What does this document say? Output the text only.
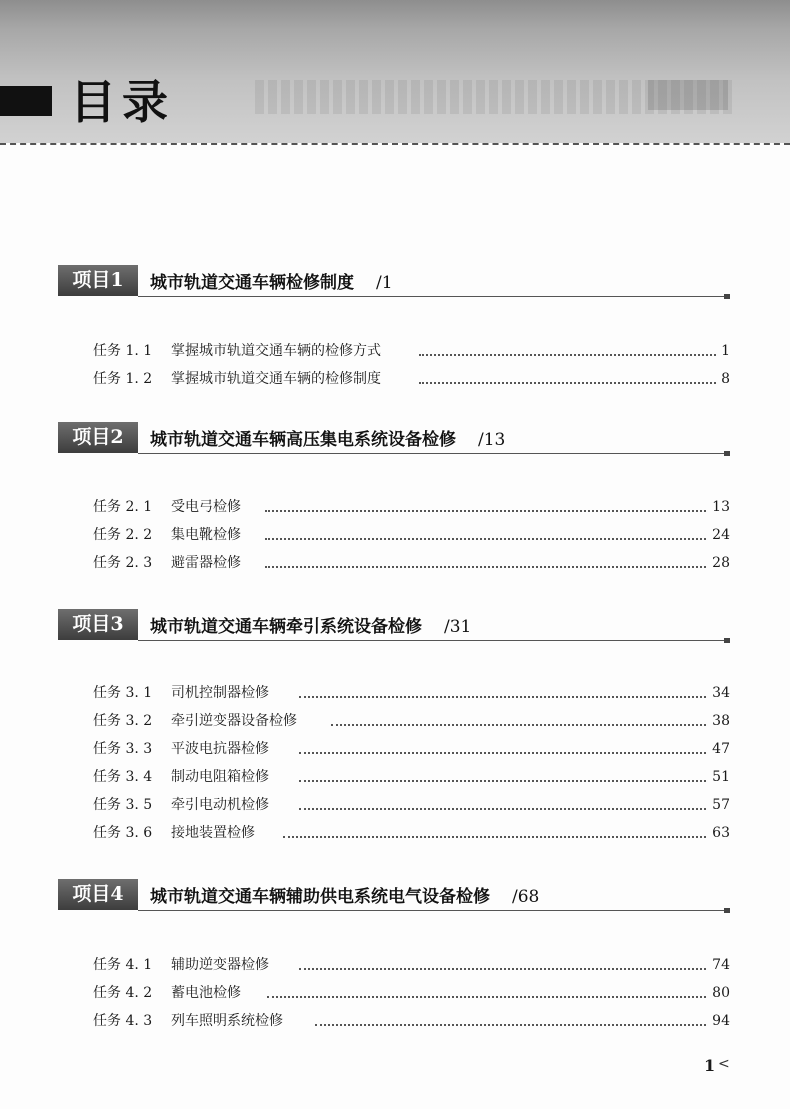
目录
项目1	城市轨道交通车辆检修制度 /1
任务 1. 1 掌握城市轨道交通车辆的检修方式	1
任务 1. 2 掌握城市轨道交通车辆的检修制度	8
项目2	城市轨道交通车辆高压集电系统设备检修 /13
任务 2. 1 受电弓检修	13
任务 2. 2 集电靴检修	24
任务 2. 3 避雷器检修	28
项目3	城市轨道交通车辆牵引系统设备检修 /31
任务 3. 1 司机控制器检修	34
任务 3. 2 牵引逆变器设备检修	38
任务 3. 3 平波电抗器检修	47
任务 3. 4 制动电阻箱检修	51
任务 3. 5 牵引电动机检修	57
任务 3. 6 接地装置检修	63
项目4	城市轨道交通车辆辅助供电系统电气设备检修 /68
任务 4. 1 辅助逆变器检修	74
任务 4. 2 蓄电池检修	80
任务 4. 3 列车照明系统检修	94
1 <
